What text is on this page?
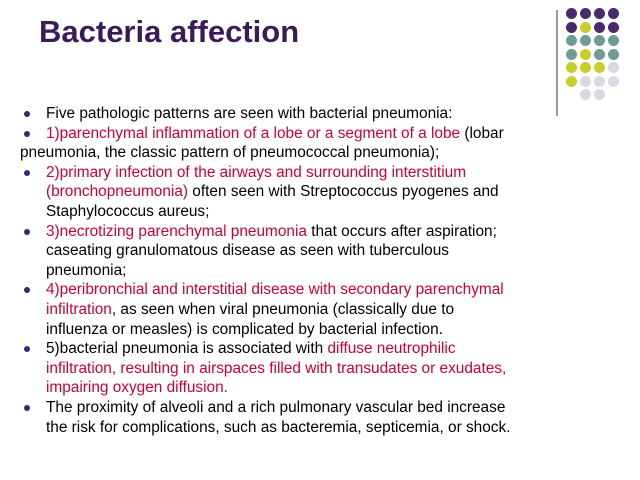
Bacteria affection
Five pathologic patterns are seen with bacterial pneumonia:
1)parenchymal inflammation of a lobe or a segment of a lobe (lobar
pneumonia, the classic pattern of pneumococcal pneumonia);
2)primary infection of the airways and surrounding interstitium
(bronchopneumonia) often seen with Streptococcus pyogenes and
Staphylococcus aureus;
3)necrotizing parenchymal pneumonia that occurs after aspiration;
caseating granulomatous disease as seen with tuberculous
pneumonia;
4)peribronchial and interstitial disease with secondary parenchymal
infiltration, as seen when viral pneumonia (classically due to
influenza or measles) is complicated by bacterial infection.
5)bacterial pneumonia is associated with diffuse neutrophilic
infiltration, resulting in airspaces filled with transudates or exudates,
impairing oxygen diffusion.
The proximity of alveoli and a rich pulmonary vascular bed increase
the risk for complications, such as bacteremia, septicemia, or shock.
